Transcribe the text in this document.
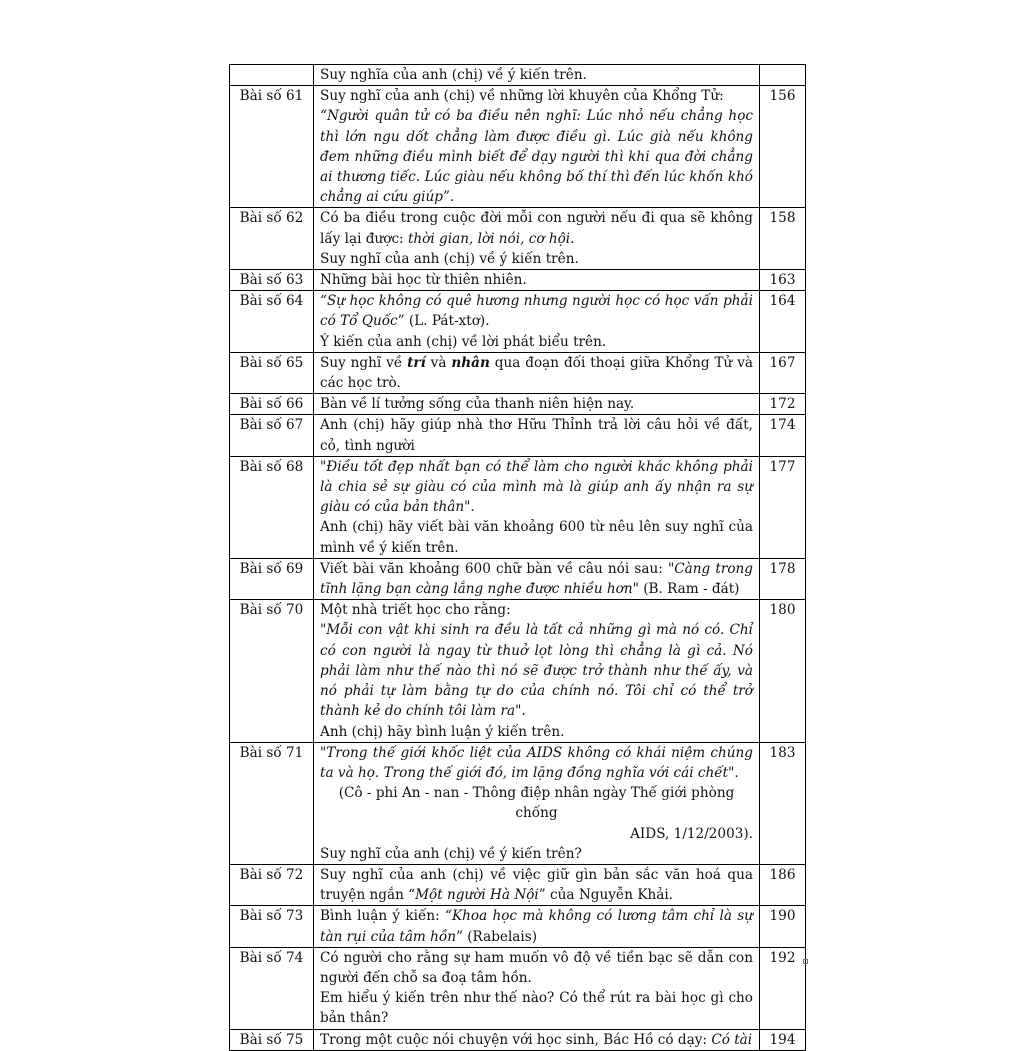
	Suy nghĩa của anh (chị) về ý kiến trên.	
Bài số 61	Suy nghĩ của anh (chị) về những lời khuyên của Khổng Tử:
“Người quân tử có ba điều nên nghĩ: Lúc nhỏ nếu chẳng học thì lớn ngu dốt chẳng làm được điều gì. Lúc già nếu không đem những điều mình biết để dạy người thì khi qua đời chẳng ai thương tiếc. Lúc giàu nếu không bố thí thì đến lúc khốn khó chẳng ai cứu giúp”.	156
Bài số 62	Có ba điều trong cuộc đời mỗi con người nếu đi qua sẽ không lấy lại được: thời gian, lời nói, cơ hội.
Suy nghĩ của anh (chị) về ý kiến trên.	158
Bài số 63	Những bài học từ thiên nhiên.	163
Bài số 64	“Sự học không có quê hương nhưng người học có học vấn phải có Tổ Quốc” (L. Pát-xtơ).
Ý kiến của anh (chị) về lời phát biểu trên.	164
Bài số 65	Suy nghĩ về trí và nhân qua đoạn đối thoại giữa Khổng Tử và các học trò.	167
Bài số 66	Bàn về lí tưởng sống của thanh niên hiện nay.	172
Bài số 67	Anh (chị) hãy giúp nhà thơ Hữu Thỉnh trả lời câu hỏi về đất, cỏ, tình người	174
Bài số 68	"Điều tốt đẹp nhất bạn có thể làm cho người khác không phải là chia sẻ sự giàu có của mình mà là giúp anh ấy nhận ra sự giàu có của bản thân".
Anh (chị) hãy viết bài văn khoảng 600 từ nêu lên suy nghĩ của mình về ý kiến trên.	177
Bài số 69	Viết bài văn khoảng 600 chữ bàn về câu nói sau: "Càng trong tĩnh lặng bạn càng lắng nghe được nhiều hơn" (B. Ram - đát)	178
Bài số 70	Một nhà triết học cho rằng:
"Mỗi con vật khi sinh ra đều là tất cả những gì mà nó có. Chỉ có con người là ngay từ thuở lọt lòng thì chẳng là gì cả. Nó phải làm như thế nào thì nó sẽ được trở thành như thế ấy, và nó phải tự làm bằng tự do của chính nó. Tôi chỉ có thể trở thành kẻ do chính tôi làm ra".
Anh (chị) hãy bình luận ý kiến trên.	180
Bài số 71	"Trong thế giới khốc liệt của AIDS không có khái niệm chúng ta và họ. Trong thế giới đó, im lặng đồng nghĩa với cái chết".
(Cô - phi An - nan - Thông điệp nhân ngày Thế giới phòng chống
AIDS, 1/12/2003).
Suy nghĩ của anh (chị) về ý kiến trên?	183
Bài số 72	Suy nghĩ của anh (chị) về việc giữ gìn bản sắc văn hoá qua truyện ngắn “Một người Hà Nội” của Nguyễn Khải.	186
Bài số 73	Bình luận ý kiến: “Khoa học mà không có lương tâm chỉ là sự tàn rụi của tâm hồn” (Rabelais)	190
Bài số 74	Có người cho rằng sự ham muốn vô độ về tiền bạc sẽ dẫn con người đến chỗ sa đoạ tâm hồn.
Em hiểu ý kiến trên như thế nào? Có thể rút ra bài học gì cho bản thân?	192
Bài số 75	Trong một cuộc nói chuyện với học sinh, Bác Hồ có dạy: Có tài	194
